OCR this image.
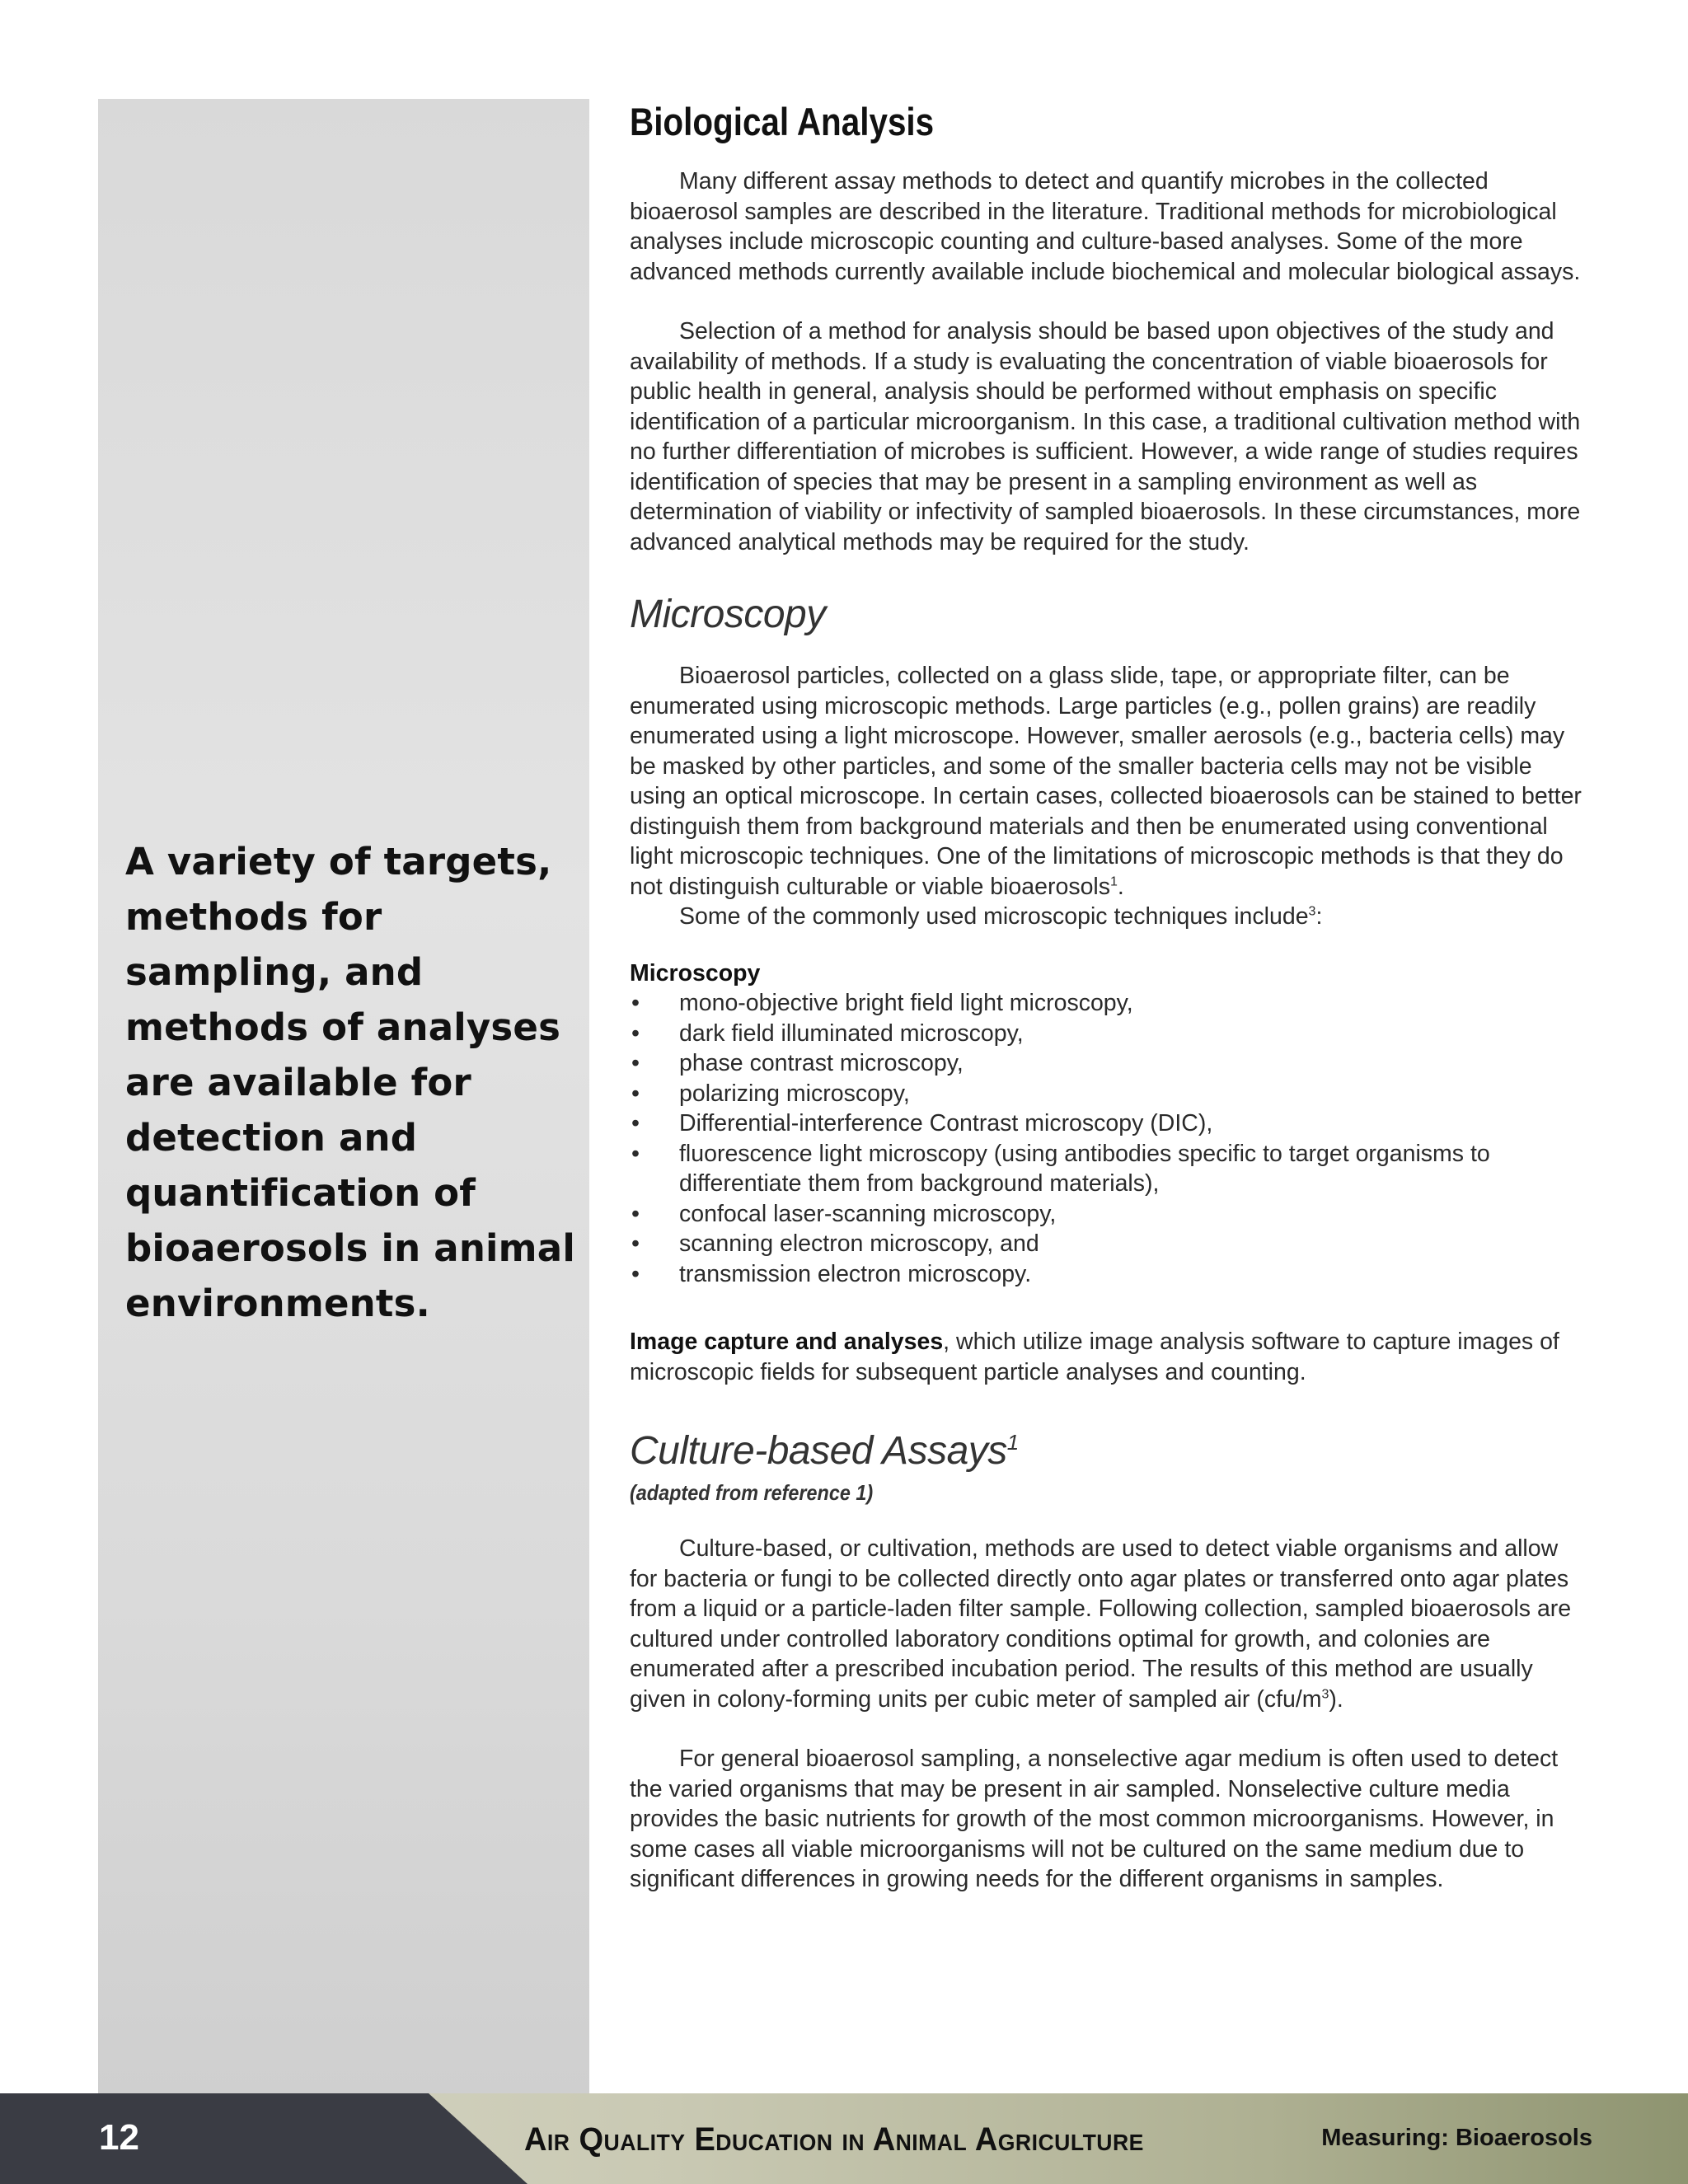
A variety of targets, methods for sampling, and methods of analyses are available for detection and quantification of bioaerosols in animal environments.

Biological Analysis

Many different assay methods to detect and quantify microbes in the collected bioaerosol samples are described in the literature. Traditional methods for microbiological analyses include microscopic counting and culture-based analyses. Some of the more advanced methods currently available include biochemical and molecular biological assays.

Selection of a method for analysis should be based upon objectives of the study and availability of methods. If a study is evaluating the concentration of viable bioaerosols for public health in general, analysis should be performed without emphasis on specific identification of a particular microorganism. In this case, a traditional cultivation method with no further differentiation of microbes is sufficient. However, a wide range of studies requires identification of species that may be present in a sampling environment as well as determination of viability or infectivity of sampled bioaerosols. In these circumstances, more advanced analytical methods may be required for the study.

Microscopy

Bioaerosol particles, collected on a glass slide, tape, or appropriate filter, can be enumerated using microscopic methods. Large particles (e.g., pollen grains) are readily enumerated using a light microscope. However, smaller aerosols (e.g., bacteria cells) may be masked by other particles, and some of the smaller bacteria cells may not be visible using an optical microscope. In certain cases, collected bioaerosols can be stained to better distinguish them from background materials and then be enumerated using conventional light microscopic techniques. One of the limitations of microscopic methods is that they do not distinguish culturable or viable bioaerosols$^1$.

Some of the commonly used microscopic techniques include$^3$:

Microscopy

• mono-objective bright field light microscopy,
• dark field illuminated microscopy,
• phase contrast microscopy,
• polarizing microscopy,
• Differential-interference Contrast microscopy (DIC),
• fluorescence light microscopy (using antibodies specific to target organisms to differentiate them from background materials),
• confocal laser-scanning microscopy,
• scanning electron microscopy, and
• transmission electron microscopy.

Image capture and analyses, which utilize image analysis software to capture images of microscopic fields for subsequent particle analyses and counting.

Culture-based Assays$^1$

(adapted from reference 1)

Culture-based, or cultivation, methods are used to detect viable organisms and allow for bacteria or fungi to be collected directly onto agar plates or transferred onto agar plates from a liquid or a particle-laden filter sample. Following collection, sampled bioaerosols are cultured under controlled laboratory conditions optimal for growth, and colonies are enumerated after a prescribed incubation period. The results of this method are usually given in colony-forming units per cubic meter of sampled air $(cfu/m^3)$.

For general bioaerosol sampling, a nonselective agar medium is often used to detect the varied organisms that may be present in air sampled. Nonselective culture media provides the basic nutrients for growth of the most common microorganisms. However, in some cases all viable microorganisms will not be cultured on the same medium due to significant differences in growing needs for the different organisms in samples.

12	Air Quality Education in Animal Agriculture	Measuring: Bioaerosols
